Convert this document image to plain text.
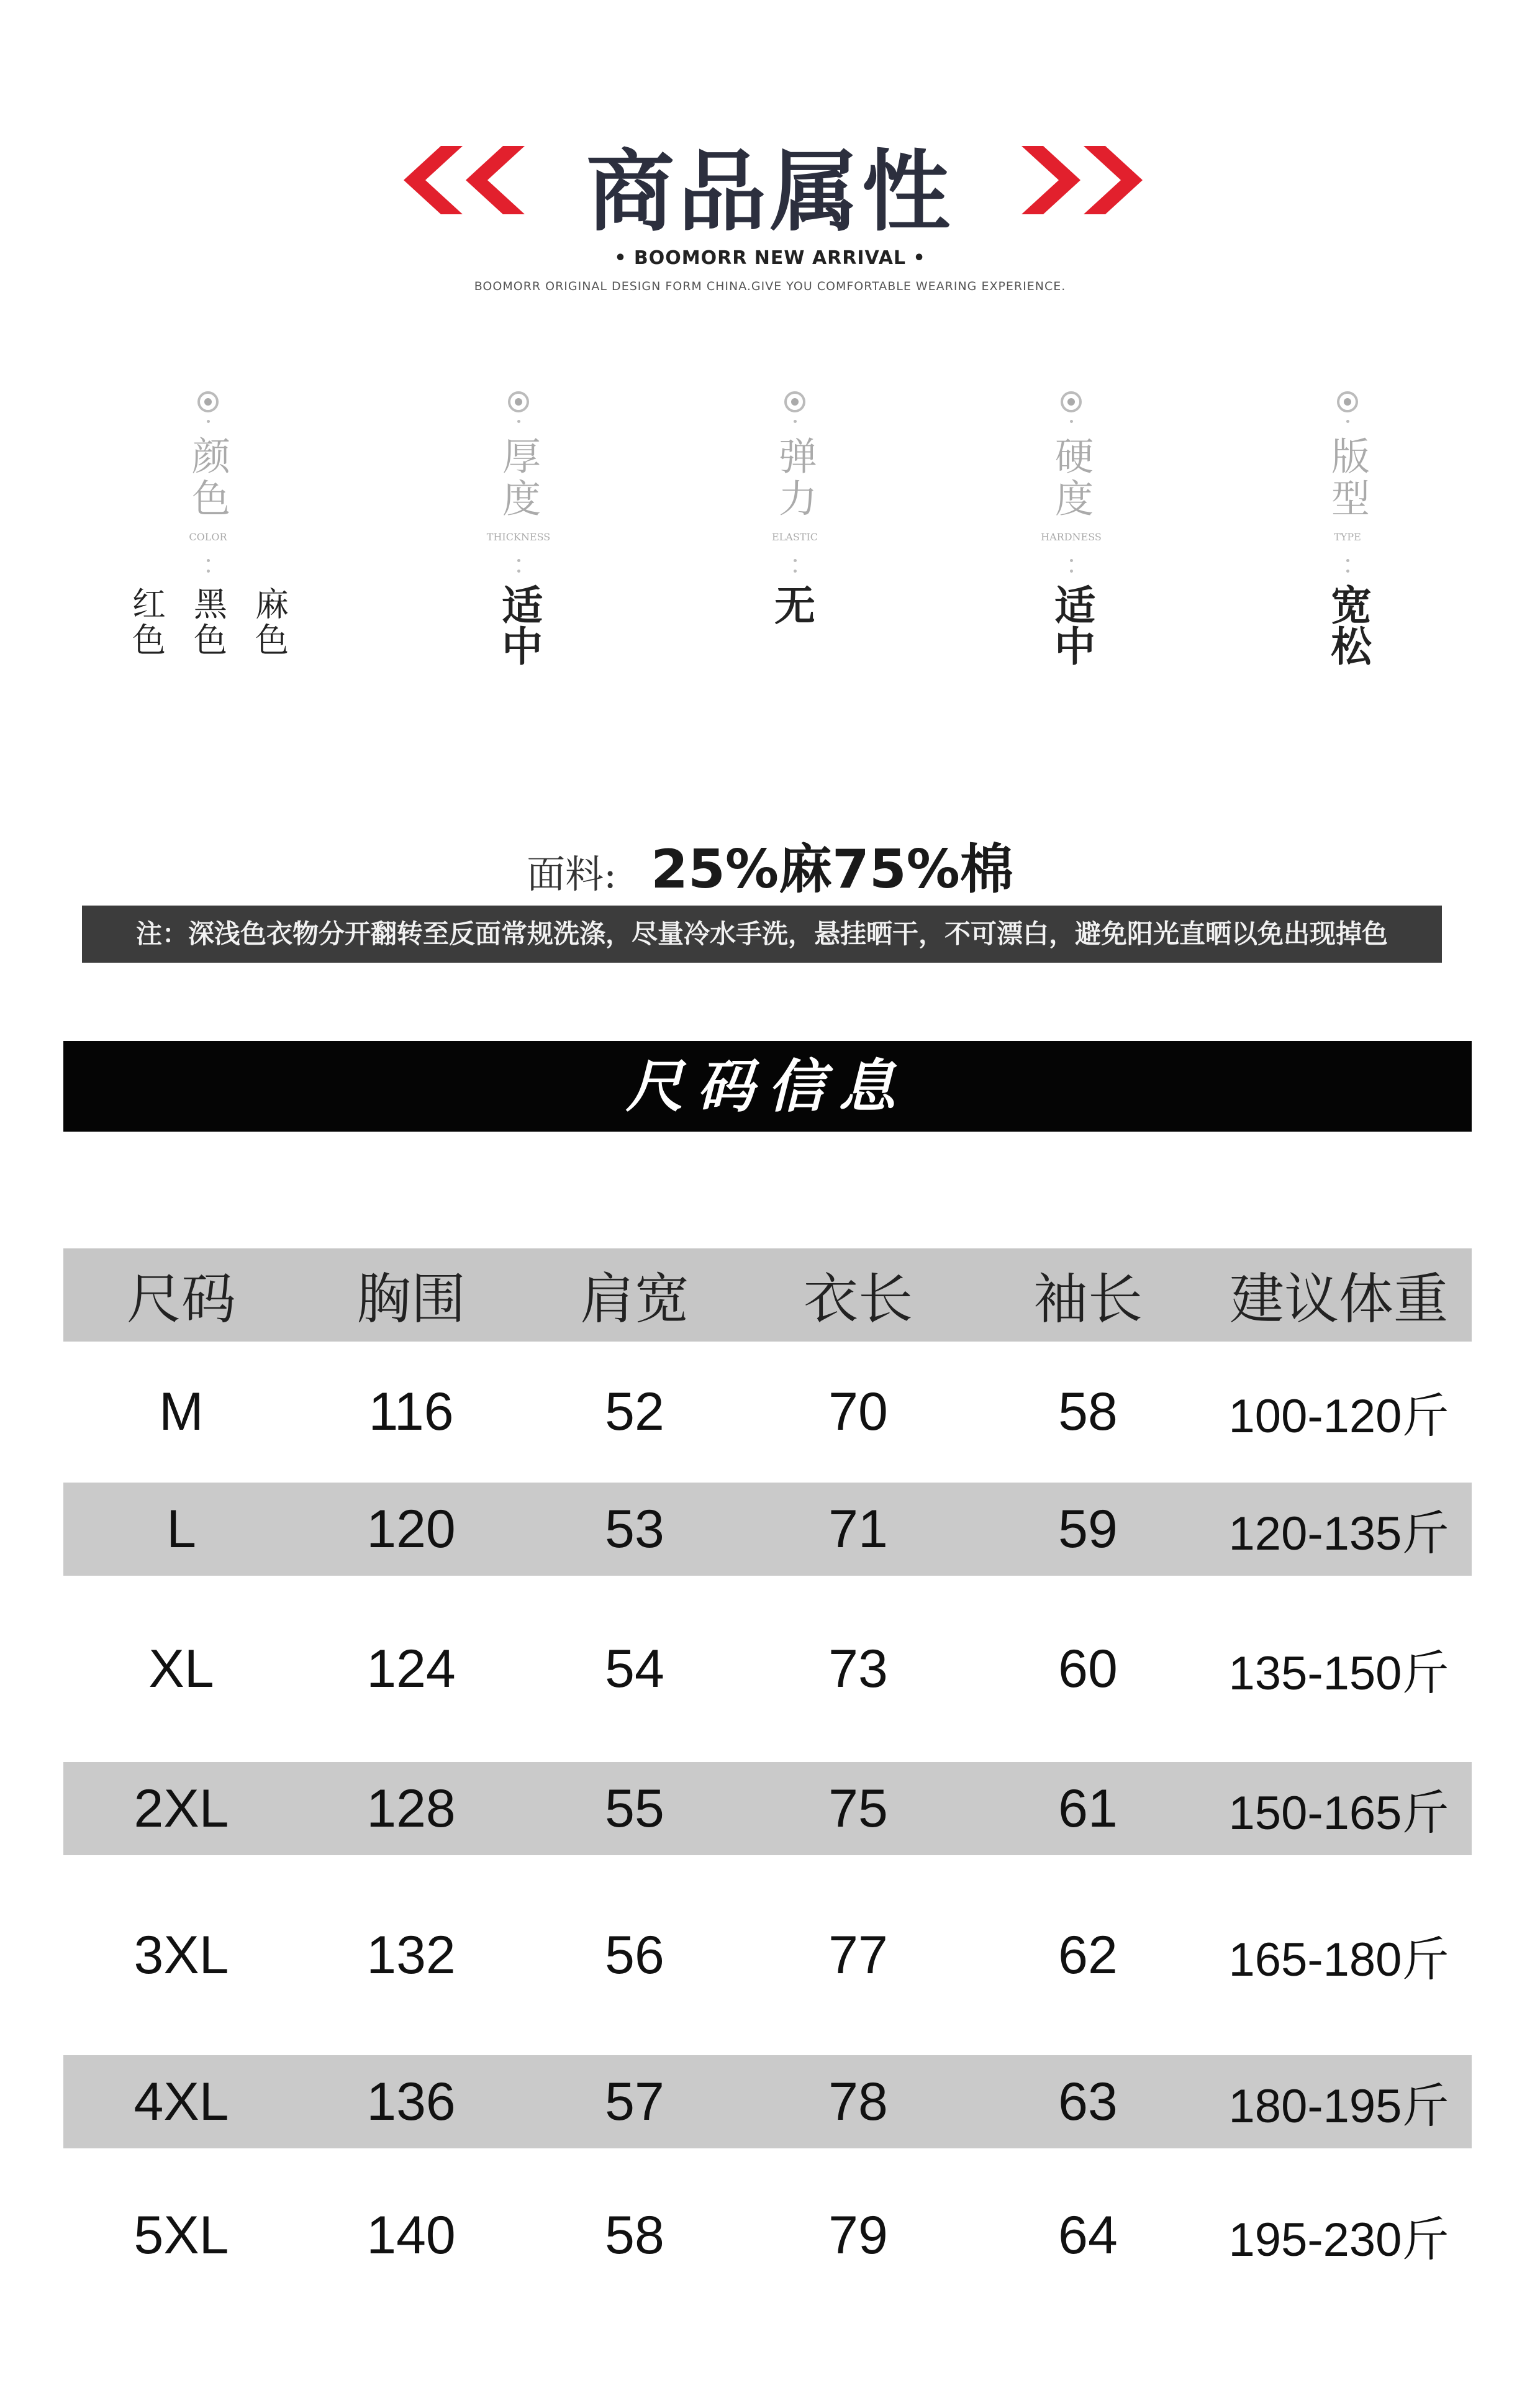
商品属性
• BOOMORR NEW ARRIVAL •
BOOMORR ORIGINAL DESIGN FORM CHINA.GIVE YOU COMFORTABLE WEARING EXPERIENCE.
颜色
COLOR
红色 黑色 麻色
厚度
THICKNESS
适中
弹力
ELASTIC
无
硬度
HARDNESS
适中
版型
TYPE
宽松
面料: 25%麻75%棉
注：深浅色衣物分开翻转至反面常规洗涤，尽量冷水手洗，悬挂晒干，不可漂白，避免阳光直晒以免出现掉色
尺码信息
尺码	胸围	肩宽	衣长	袖长	建议体重
M	116	52	70	58	100-120斤
L	120	53	71	59	120-135斤
XL	124	54	73	60	135-150斤
2XL	128	55	75	61	150-165斤
3XL	132	56	77	62	165-180斤
4XL	136	57	78	63	180-195斤
5XL	140	58	79	64	195-230斤
